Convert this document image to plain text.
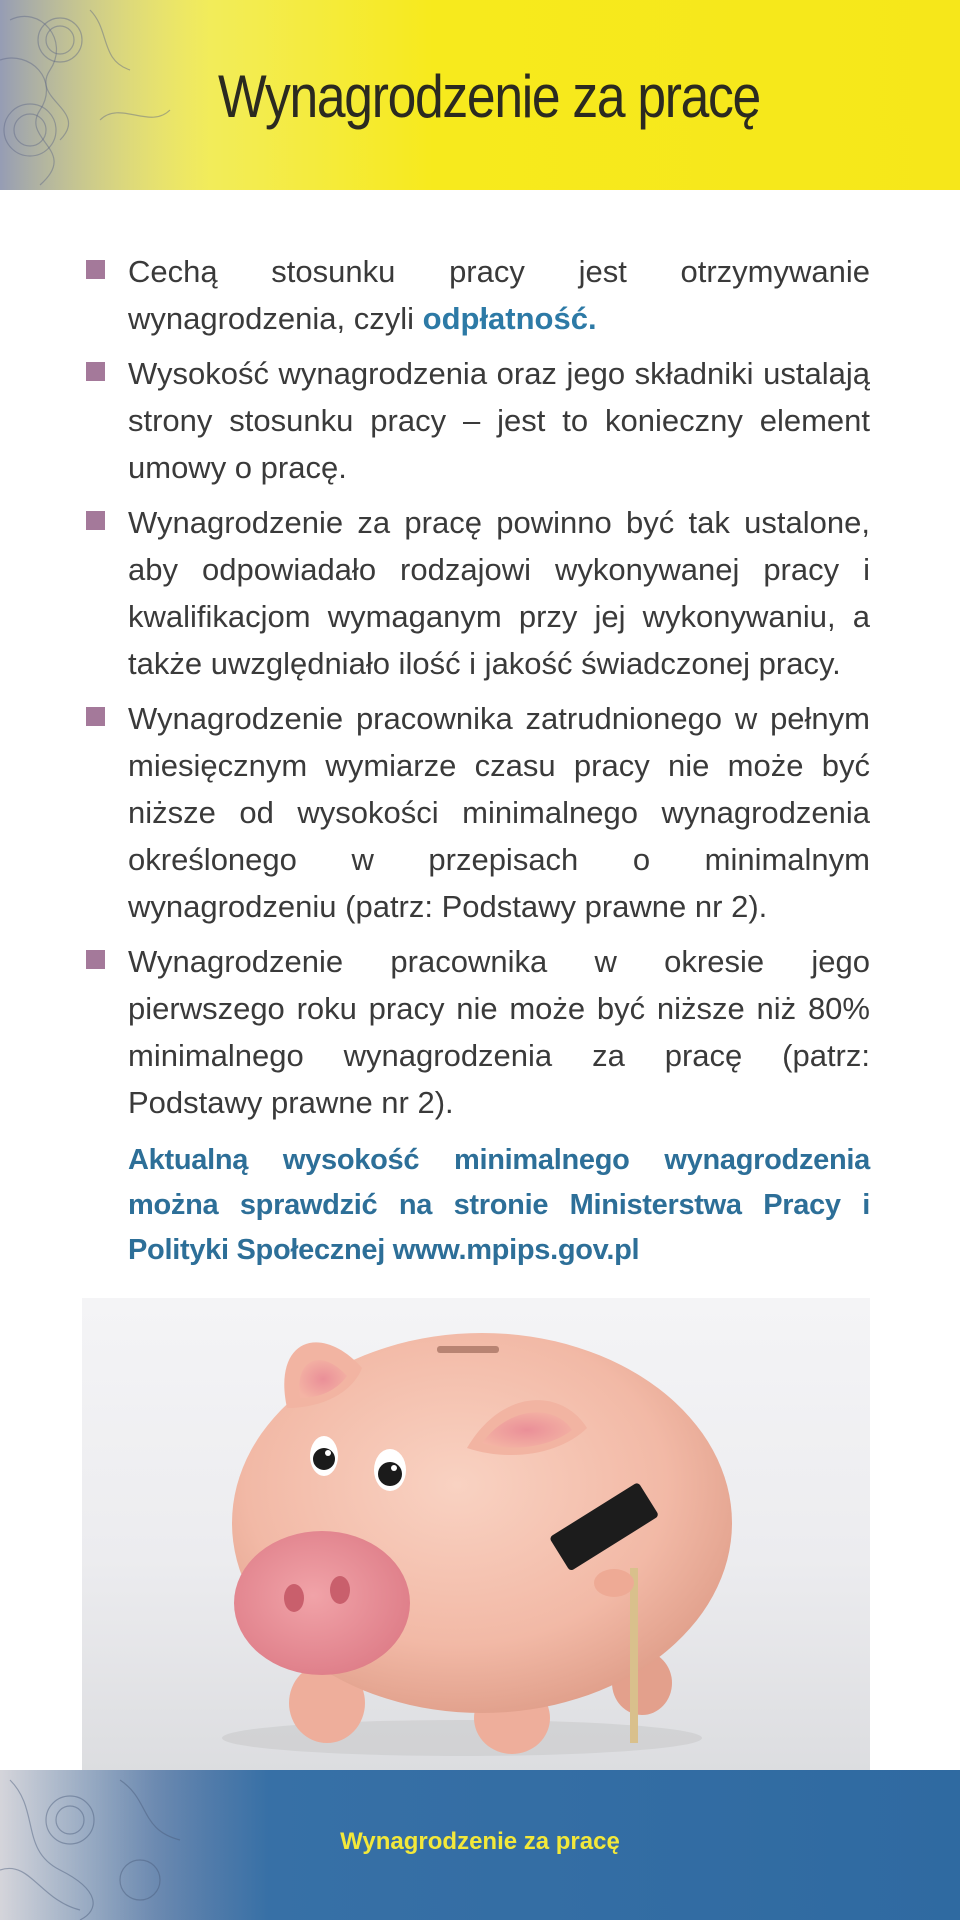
Wynagrodzenie za pracę
Cechą stosunku pracy jest otrzymywanie wynagrodzenia, czyli odpłatność.
Wysokość wynagrodzenia oraz jego składniki ustalają strony stosunku pracy – jest to konieczny element umowy o pracę.
Wynagrodzenie za pracę powinno być tak ustalone, aby odpowiadało rodzajowi wykonywanej pracy i kwalifikacjom wymaganym przy jej wykonywaniu, a także uwzględniało ilość i jakość świadczonej pracy.
Wynagrodzenie pracownika zatrudnionego w pełnym miesięcznym wymiarze czasu pracy nie może być niższe od wysokości minimalnego wynagrodzenia określonego w przepisach o minimalnym wynagrodzeniu (patrz: Podstawy prawne nr 2).
Wynagrodzenie pracownika w okresie jego pierwszego roku pracy nie może być niższe niż 80% minimalnego wynagrodzenia za pracę (patrz: Podstawy prawne nr 2).
Aktualną wysokość minimalnego wynagrodzenia można sprawdzić na stronie Ministerstwa Pracy i Polityki Społecznej www.mpips.gov.pl
Wynagrodzenie za pracę
